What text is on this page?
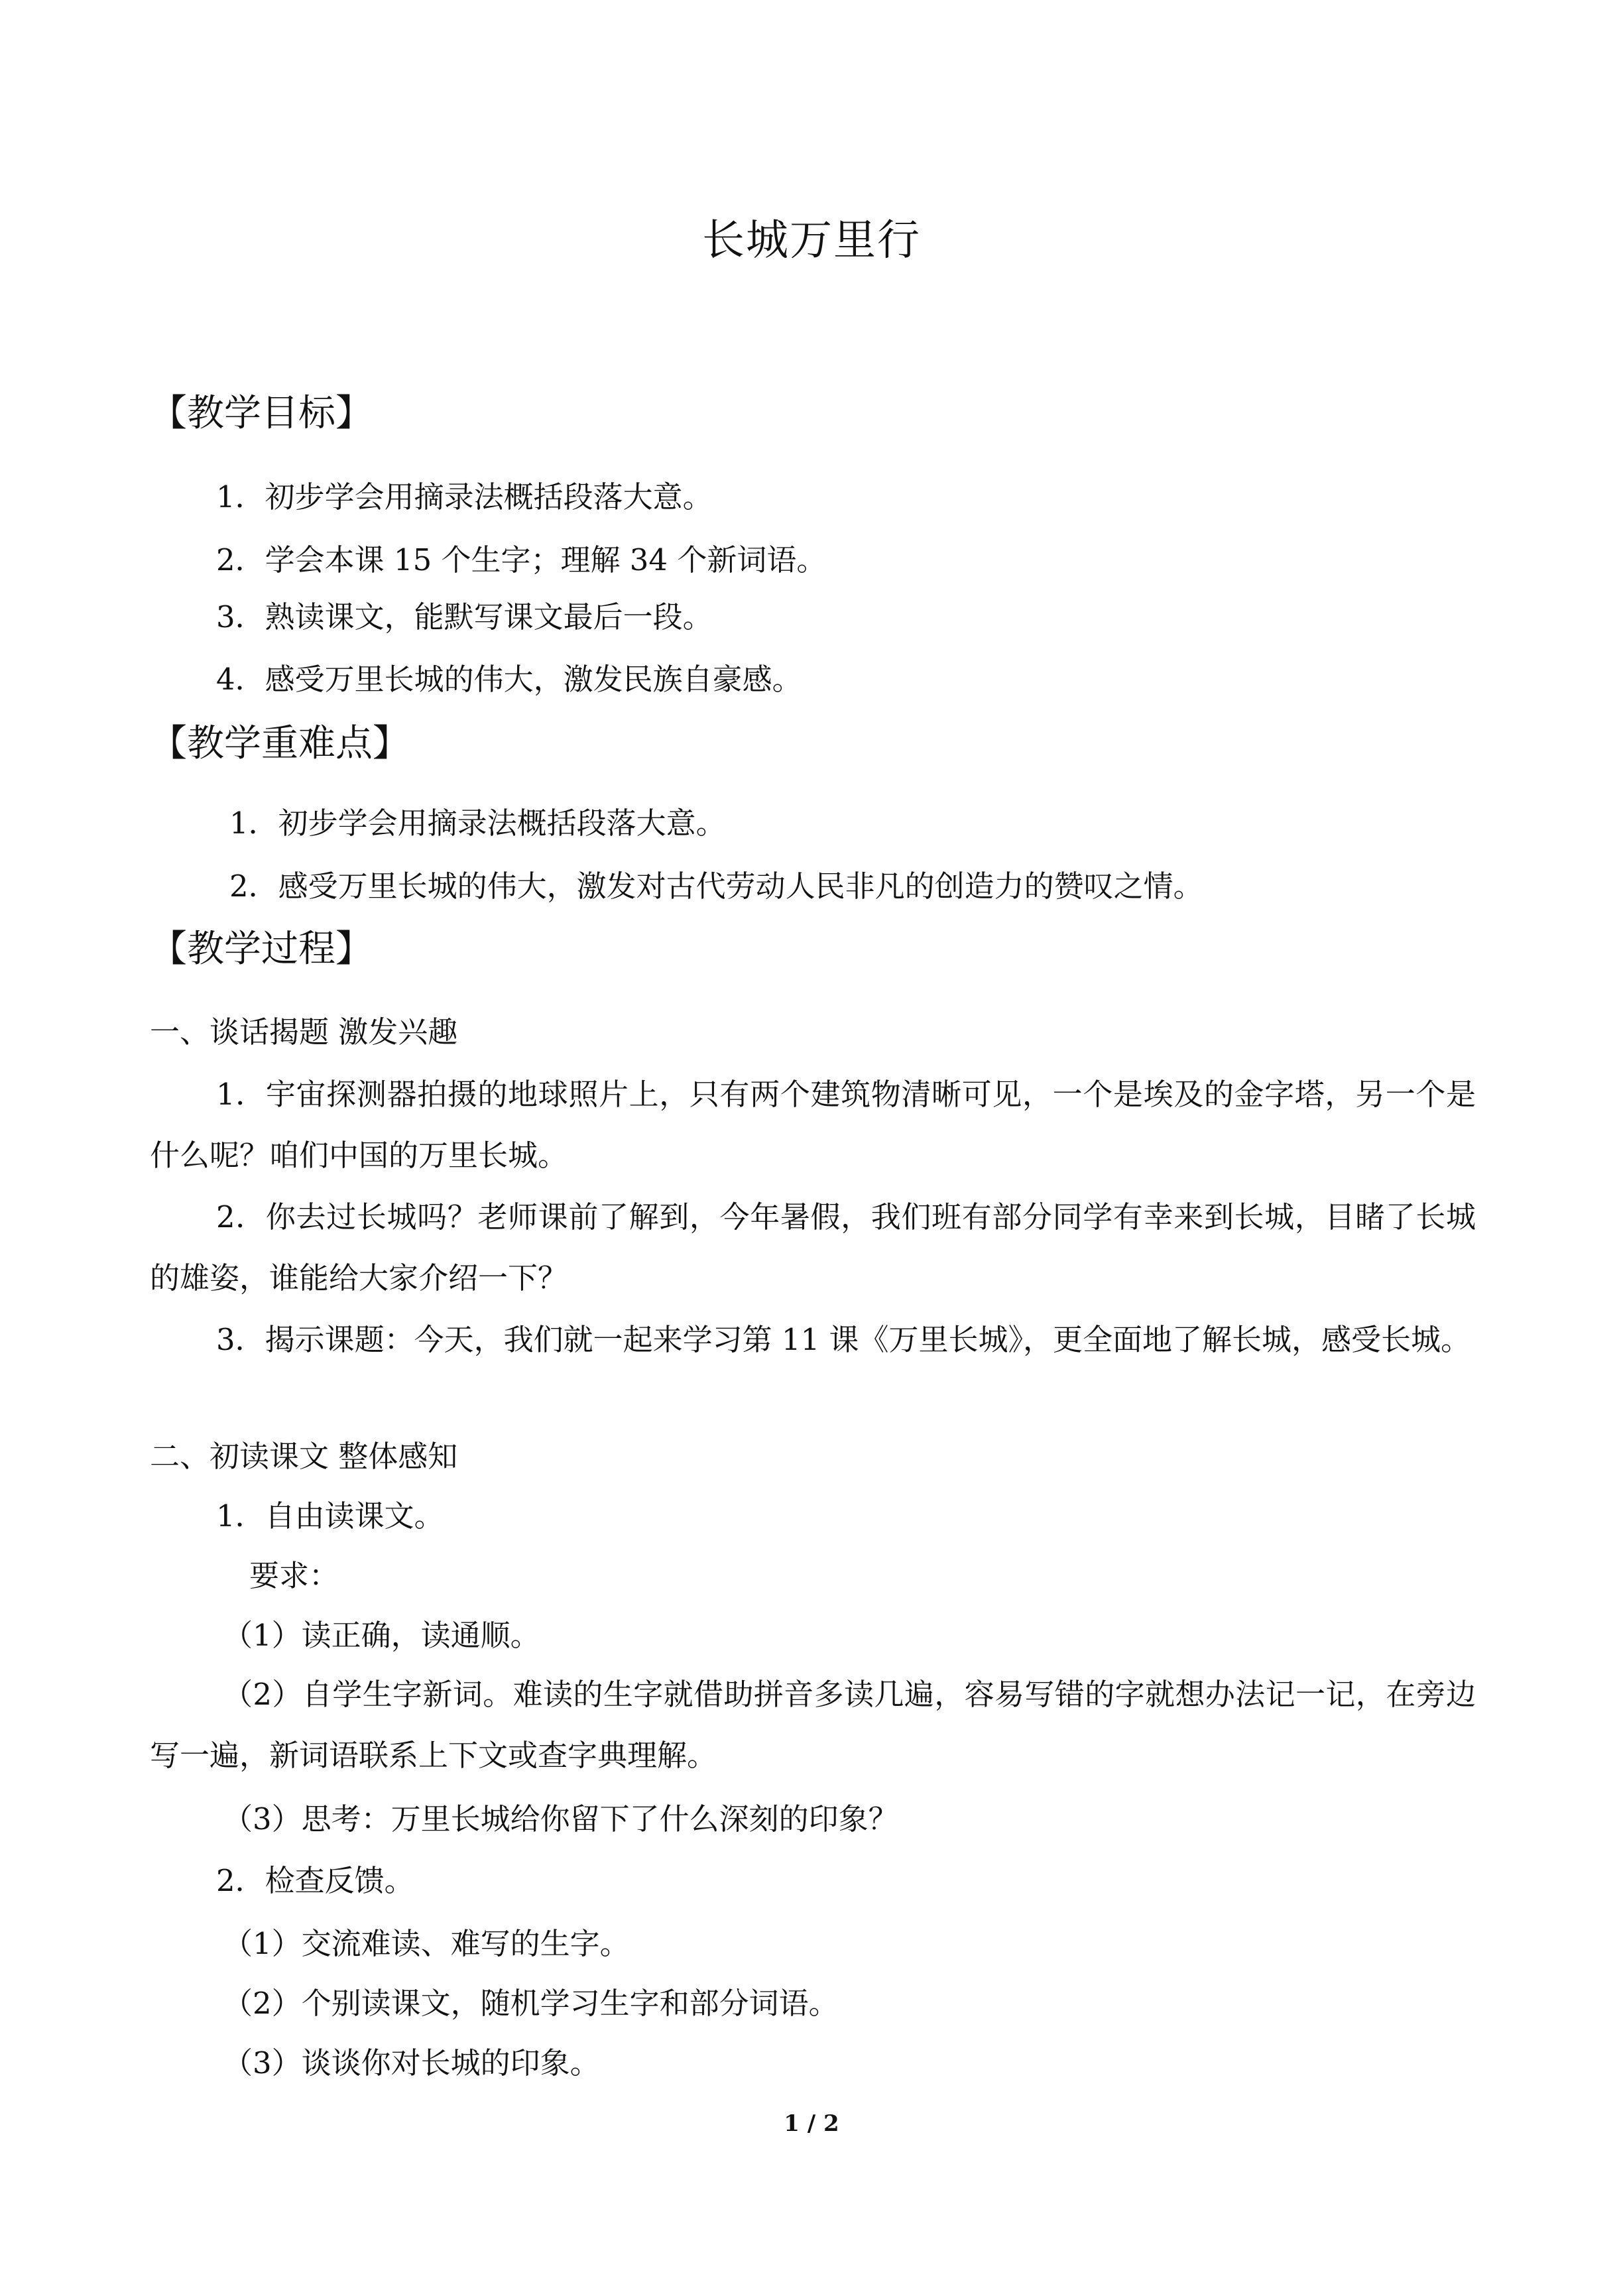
长城万里行
【教学目标】
1．初步学会用摘录法概括段落大意。
2．学会本课 15 个生字；理解 34 个新词语。
3．熟读课文，能默写课文最后一段。
4．感受万里长城的伟大，激发民族自豪感。
【教学重难点】
1．初步学会用摘录法概括段落大意。
2．感受万里长城的伟大，激发对古代劳动人民非凡的创造力的赞叹之情。
【教学过程】
一、谈话揭题 激发兴趣
1．宇宙探测器拍摄的地球照片上，只有两个建筑物清晰可见，一个是埃及的金字塔，另一个是什么呢？咱们中国的万里长城。
2．你去过长城吗？老师课前了解到，今年暑假，我们班有部分同学有幸来到长城，目睹了长城的雄姿，谁能给大家介绍一下？
3．揭示课题：今天，我们就一起来学习第 11 课《万里长城》，更全面地了解长城，感受长城。
二、初读课文 整体感知
1．自由读课文。
要求：
（1）读正确，读通顺。
（2）自学生字新词。难读的生字就借助拼音多读几遍，容易写错的字就想办法记一记，在旁边写一遍，新词语联系上下文或查字典理解。
（3）思考：万里长城给你留下了什么深刻的印象？
2．检查反馈。
（1）交流难读、难写的生字。
（2）个别读课文，随机学习生字和部分词语。
（3）谈谈你对长城的印象。
1 / 2
